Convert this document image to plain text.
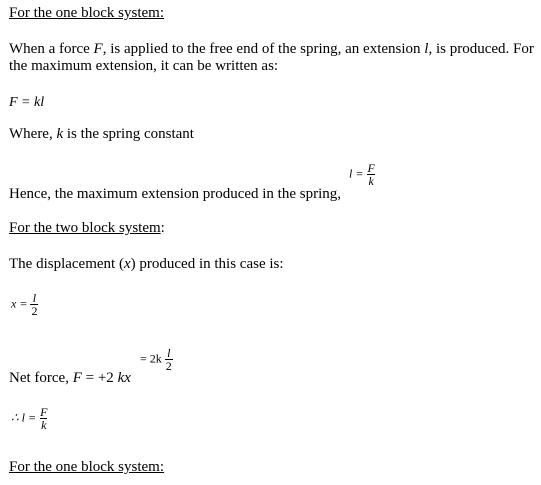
For the one block system:
When a force F, is applied to the free end of the spring, an extension l, is produced. For the maximum extension, it can be written as:
F = kl
Where, k is the spring constant
$l = \frac{F}{k}$
Hence, the maximum extension produced in the spring,
For the two block system:
The displacement (x) produced in this case is:
$x = \frac{l}{2}$
= $2k \frac{l}{2}$
Net force, F = +2 kx
∴ $l = \frac{F}{k}$
For the one block system:
